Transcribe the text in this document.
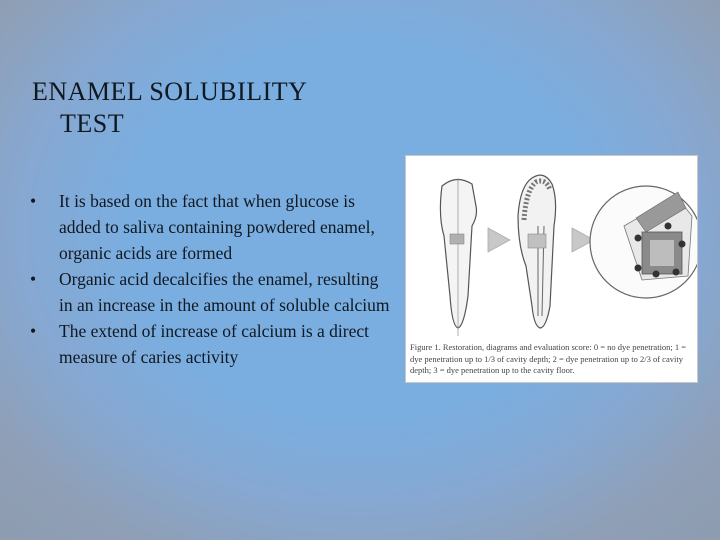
ENAMEL SOLUBILITY
TEST
• It is based on the fact that when glucose is added to saliva containing powdered enamel, organic acids are formed
• Organic acid decalcifies the enamel, resulting in an increase in the amount of soluble calcium
• The extend of increase of calcium is a direct measure of caries activity	Figure 1. Restoration, diagrams and evaluation score: 0 = no dye penetration; 1 = dye penetration up to 1/3 of cavity depth; 2 = dye penetration up to 2/3 of cavity depth; 3 = dye penetration up to the cavity floor.
